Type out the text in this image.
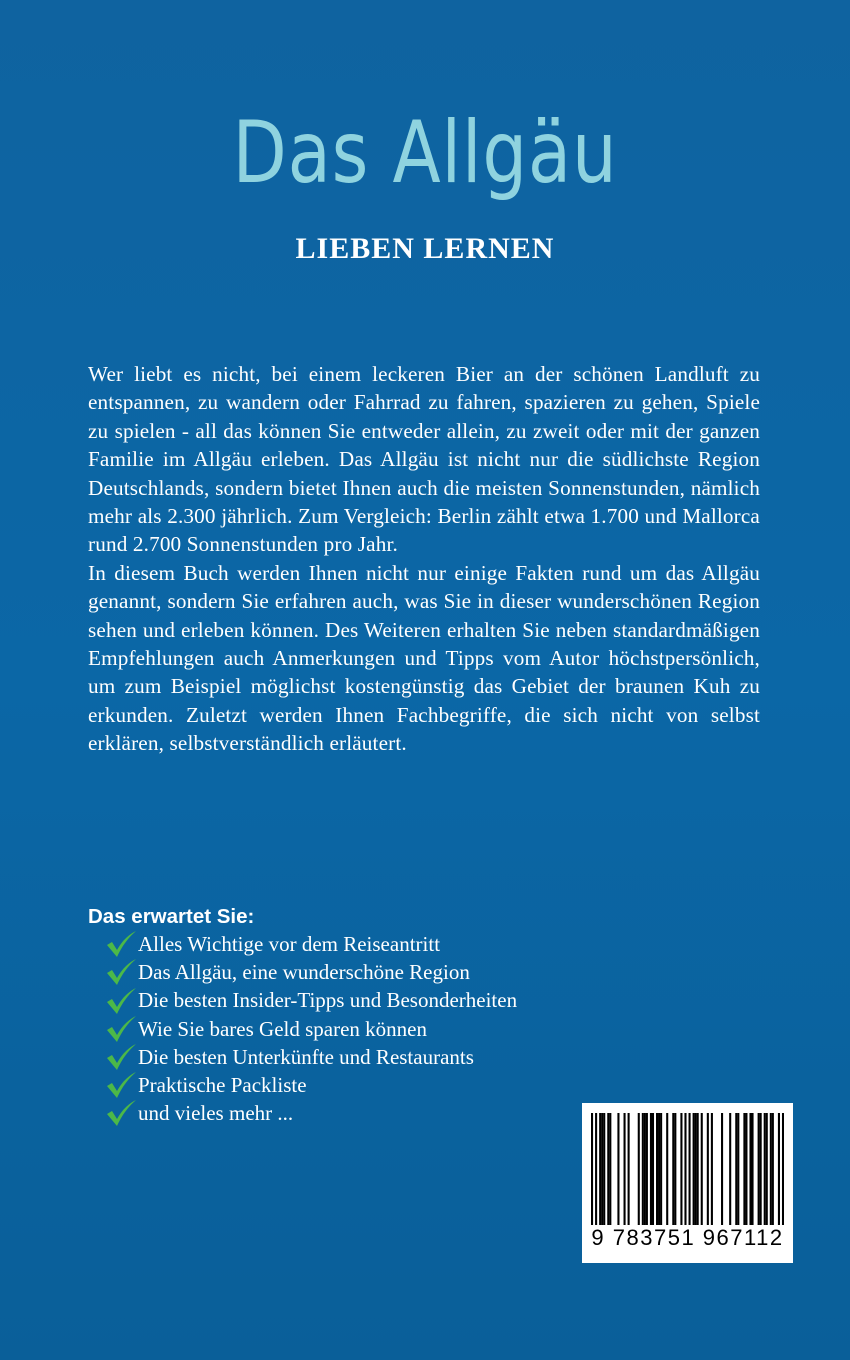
Das Allgäu
LIEBEN LERNEN

Wer liebt es nicht, bei einem leckeren Bier an der schönen Landluft zu entspannen, zu wandern oder Fahrrad zu fahren, spazieren zu gehen, Spiele zu spielen - all das können Sie entweder allein, zu zweit oder mit der ganzen Familie im Allgäu erleben. Das Allgäu ist nicht nur die südlichste Region Deutschlands, sondern bietet Ihnen auch die meisten Sonnenstunden, nämlich mehr als 2.300 jährlich. Zum Vergleich: Berlin zählt etwa 1.700 und Mallorca rund 2.700 Sonnenstunden pro Jahr.

In diesem Buch werden Ihnen nicht nur einige Fakten rund um das Allgäu genannt, sondern Sie erfahren auch, was Sie in dieser wunderschönen Region sehen und erleben können. Des Weiteren erhalten Sie neben standardmäßigen Empfehlungen auch Anmerkungen und Tipps vom Autor höchstpersönlich, um zum Beispiel möglichst kostengünstig das Gebiet der braunen Kuh zu erkunden. Zuletzt werden Ihnen Fachbegriffe, die sich nicht von selbst erklären, selbstverständlich erläutert.

Das erwartet Sie:
Alles Wichtige vor dem Reiseantritt
Das Allgäu, eine wunderschöne Region
Die besten Insider-Tipps und Besonderheiten
Wie Sie bares Geld sparen können
Die besten Unterkünfte und Restaurants
Praktische Packliste
und vieles mehr ...
9 783751 967112
